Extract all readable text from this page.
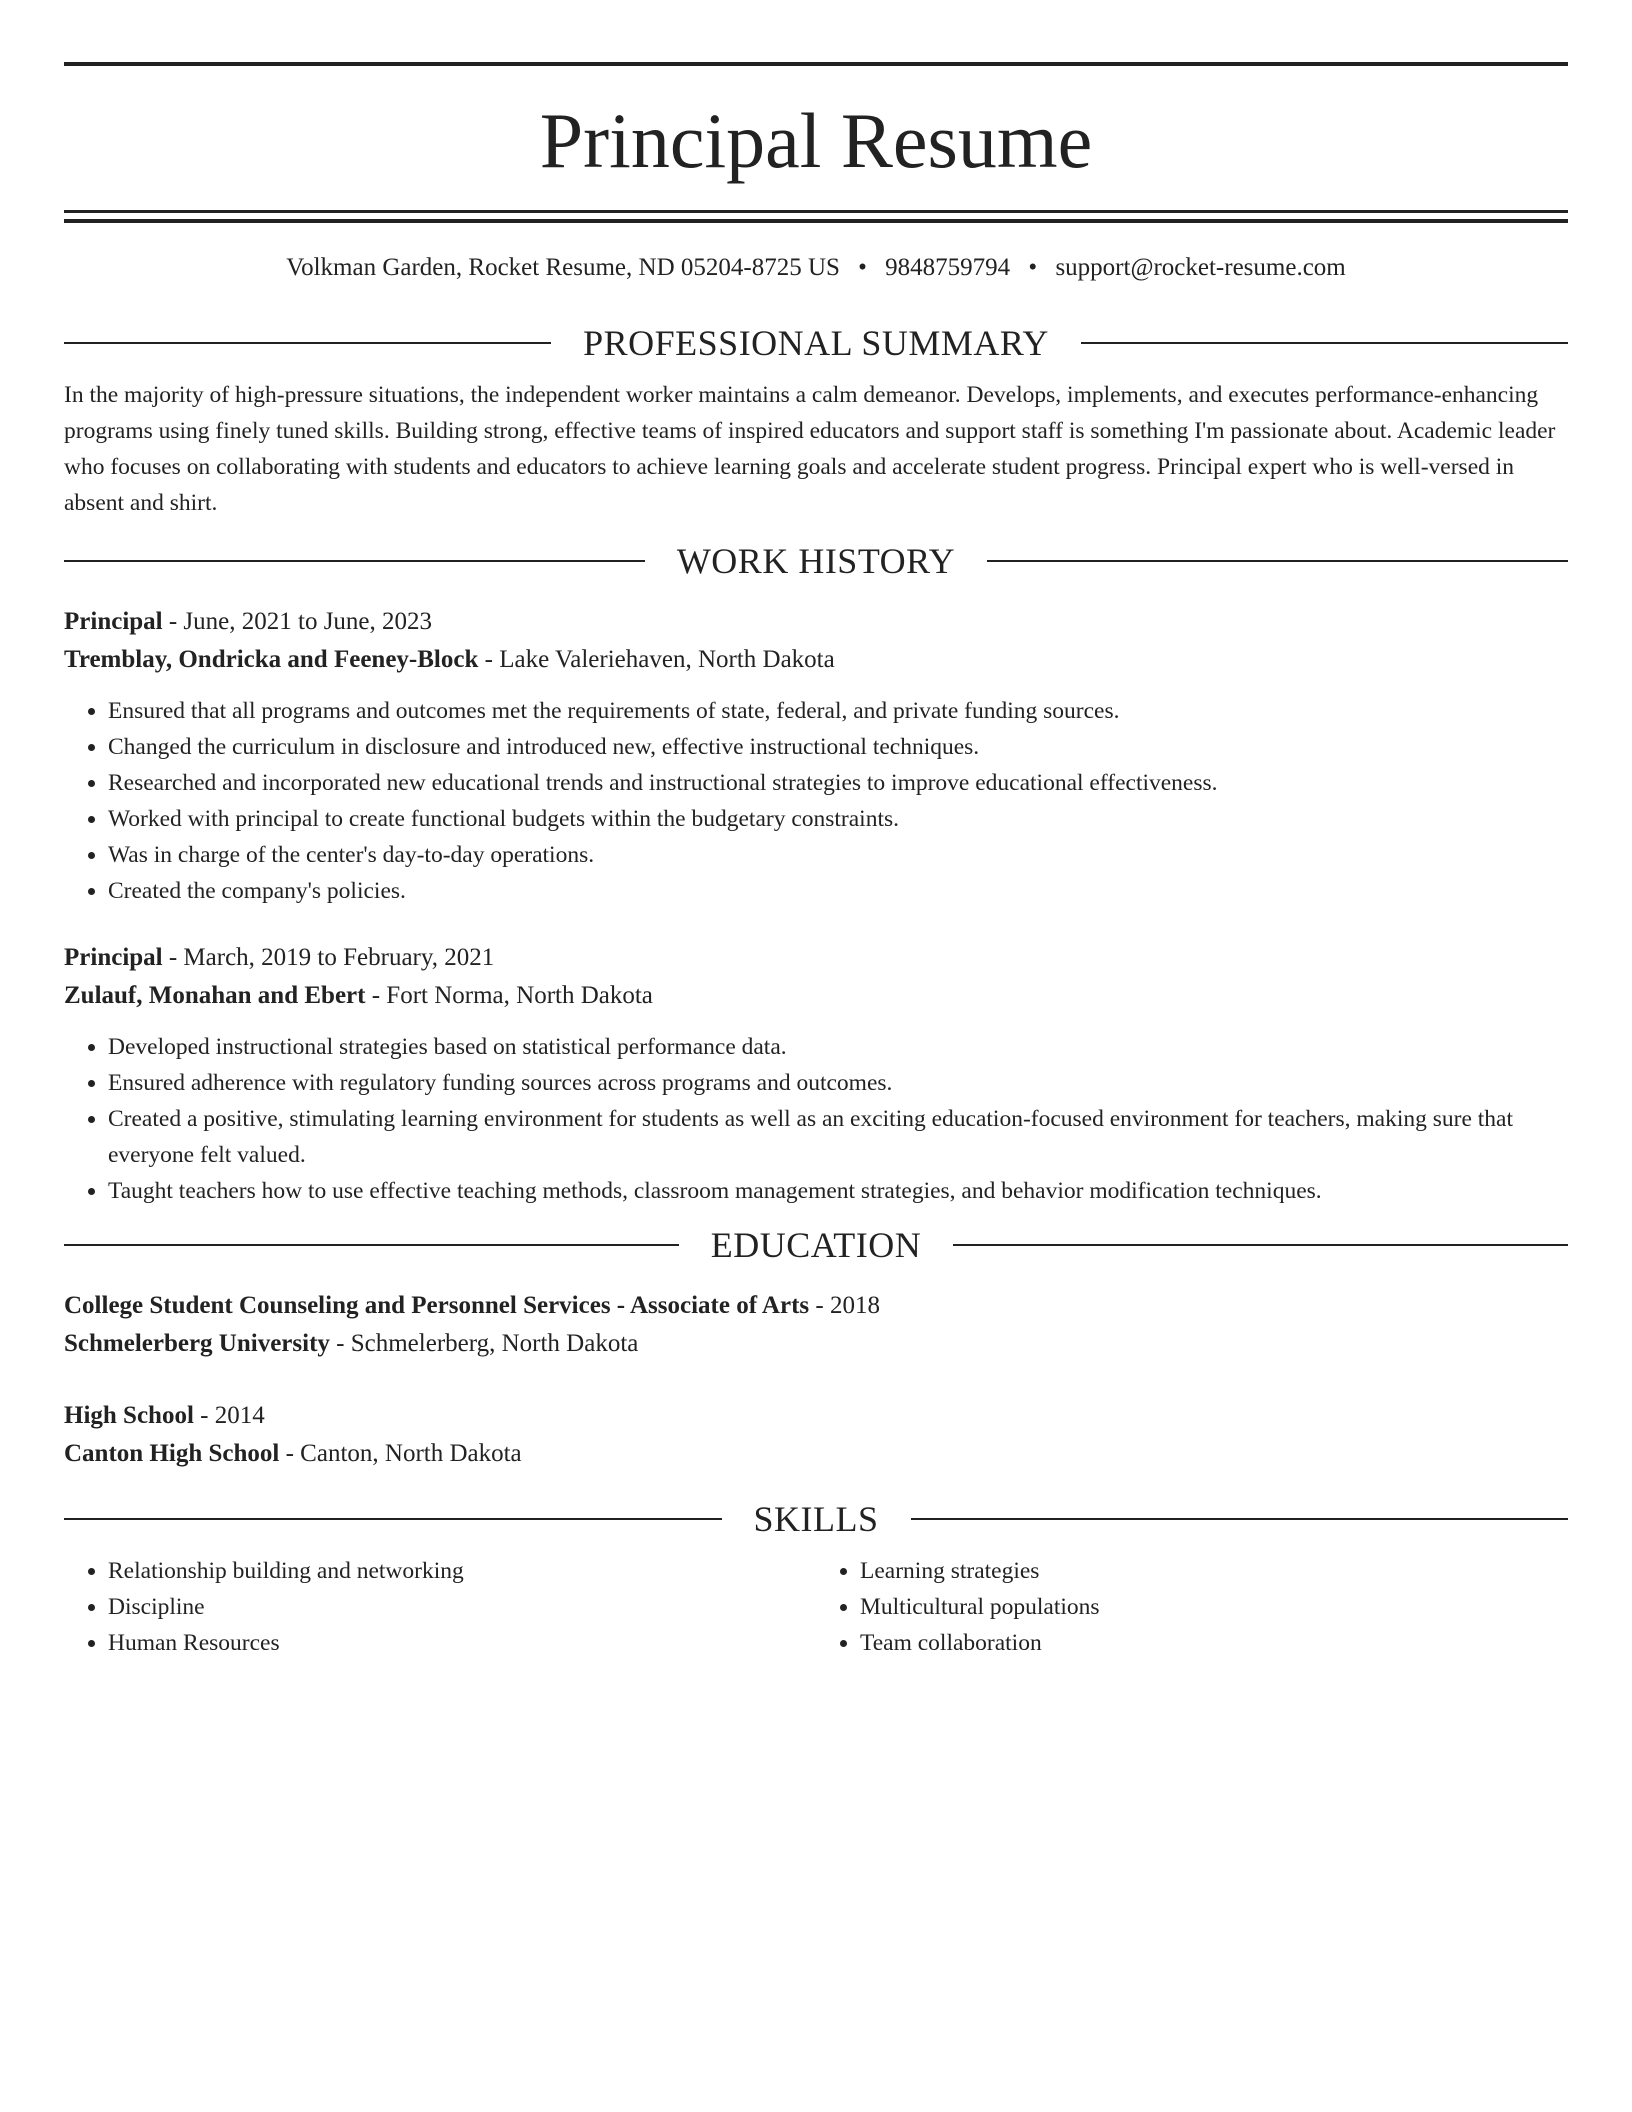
Principal Resume
Volkman Garden, Rocket Resume, ND 05204-8725 US • 9848759794 • support@rocket-resume.com
PROFESSIONAL SUMMARY
In the majority of high-pressure situations, the independent worker maintains a calm demeanor. Develops, implements, and executes performance-enhancing programs using finely tuned skills. Building strong, effective teams of inspired educators and support staff is something I'm passionate about. Academic leader who focuses on collaborating with students and educators to achieve learning goals and accelerate student progress. Principal expert who is well-versed in absent and shirt.
WORK HISTORY
Principal - June, 2021 to June, 2023
Tremblay, Ondricka and Feeney-Block - Lake Valeriehaven, North Dakota
• Ensured that all programs and outcomes met the requirements of state, federal, and private funding sources.
• Changed the curriculum in disclosure and introduced new, effective instructional techniques.
• Researched and incorporated new educational trends and instructional strategies to improve educational effectiveness.
• Worked with principal to create functional budgets within the budgetary constraints.
• Was in charge of the center's day-to-day operations.
• Created the company's policies.
Principal - March, 2019 to February, 2021
Zulauf, Monahan and Ebert - Fort Norma, North Dakota
• Developed instructional strategies based on statistical performance data.
• Ensured adherence with regulatory funding sources across programs and outcomes.
• Created a positive, stimulating learning environment for students as well as an exciting education-focused environment for teachers, making sure that everyone felt valued.
• Taught teachers how to use effective teaching methods, classroom management strategies, and behavior modification techniques.
EDUCATION
College Student Counseling and Personnel Services - Associate of Arts - 2018
Schmelerberg University - Schmelerberg, North Dakota
High School - 2014
Canton High School - Canton, North Dakota
SKILLS
• Relationship building and networking
• Discipline
• Human Resources
• Learning strategies
• Multicultural populations
• Team collaboration
